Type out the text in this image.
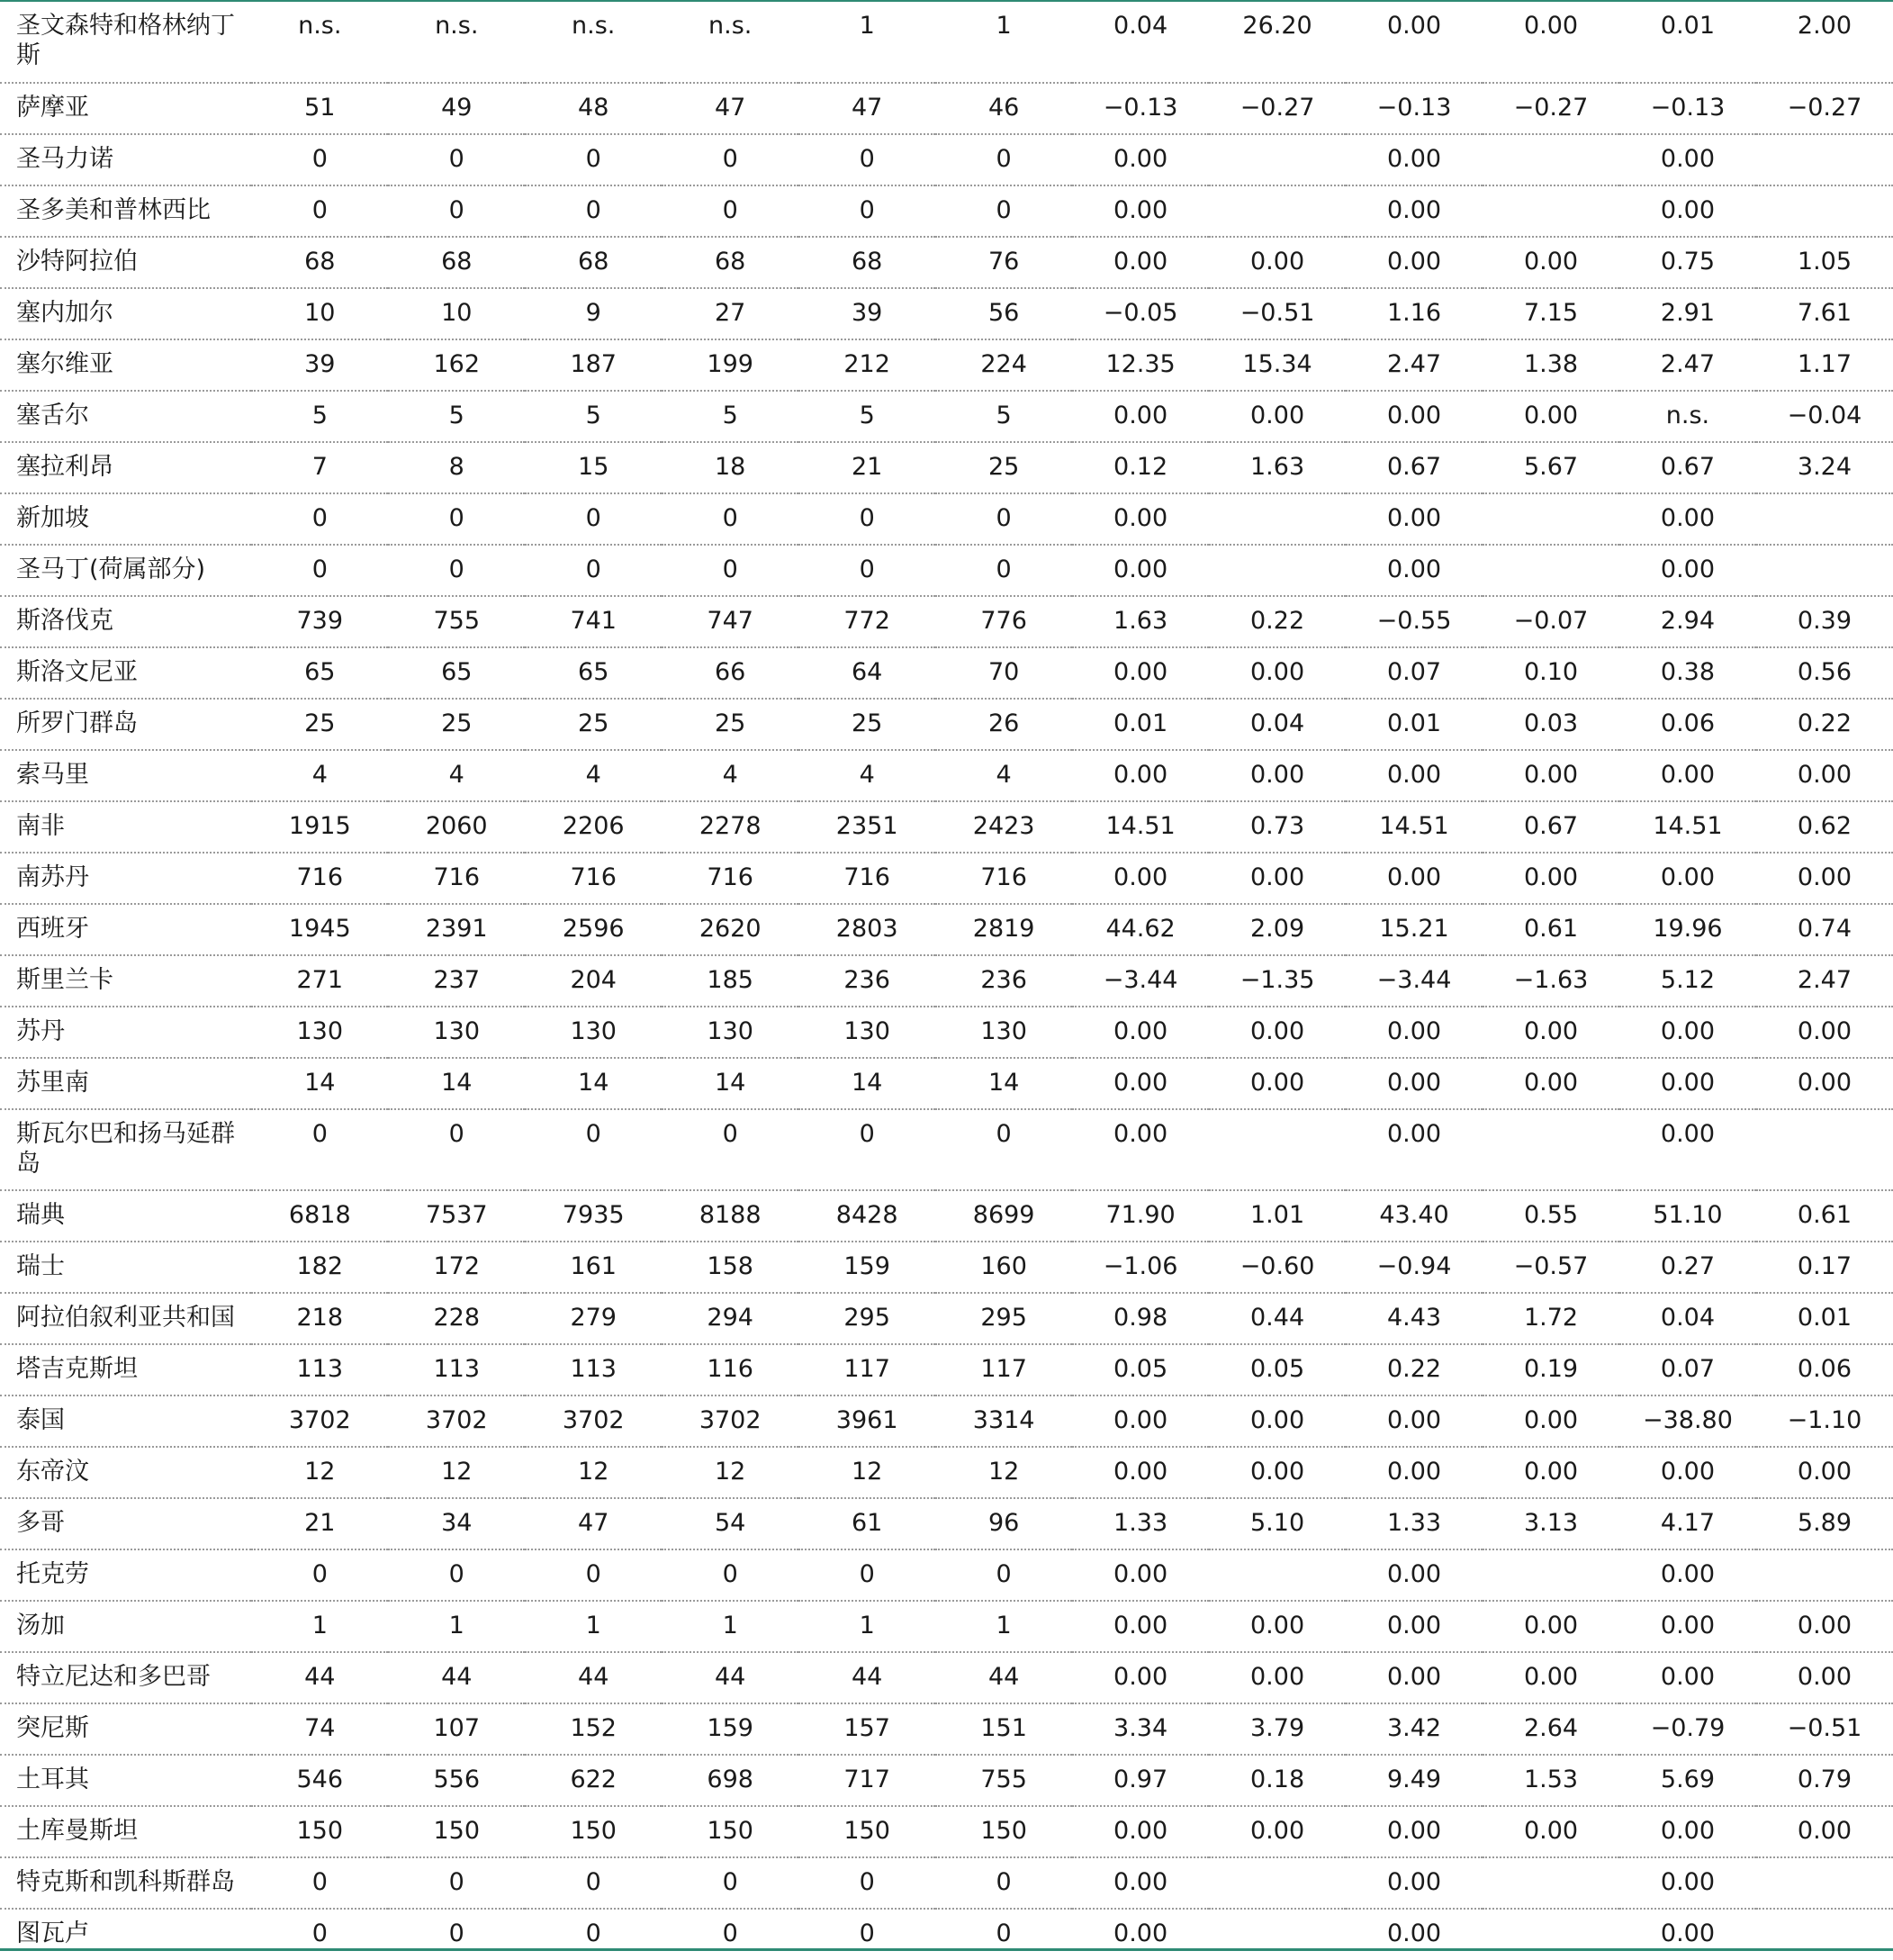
圣文森特和格林纳丁斯	n.s.	n.s.	n.s.	n.s.	1	1	0.04	26.20	0.00	0.00	0.01	2.00
萨摩亚	51	49	48	47	47	46	−0.13	−0.27	−0.13	−0.27	−0.13	−0.27
圣马力诺	0	0	0	0	0	0	0.00		0.00		0.00	
圣多美和普林西比	0	0	0	0	0	0	0.00		0.00		0.00	
沙特阿拉伯	68	68	68	68	68	76	0.00	0.00	0.00	0.00	0.75	1.05
塞内加尔	10	10	9	27	39	56	−0.05	−0.51	1.16	7.15	2.91	7.61
塞尔维亚	39	162	187	199	212	224	12.35	15.34	2.47	1.38	2.47	1.17
塞舌尔	5	5	5	5	5	5	0.00	0.00	0.00	0.00	n.s.	−0.04
塞拉利昂	7	8	15	18	21	25	0.12	1.63	0.67	5.67	0.67	3.24
新加坡	0	0	0	0	0	0	0.00		0.00		0.00	
圣马丁(荷属部分)	0	0	0	0	0	0	0.00		0.00		0.00	
斯洛伐克	739	755	741	747	772	776	1.63	0.22	−0.55	−0.07	2.94	0.39
斯洛文尼亚	65	65	65	66	64	70	0.00	0.00	0.07	0.10	0.38	0.56
所罗门群岛	25	25	25	25	25	26	0.01	0.04	0.01	0.03	0.06	0.22
索马里	4	4	4	4	4	4	0.00	0.00	0.00	0.00	0.00	0.00
南非	1915	2060	2206	2278	2351	2423	14.51	0.73	14.51	0.67	14.51	0.62
南苏丹	716	716	716	716	716	716	0.00	0.00	0.00	0.00	0.00	0.00
西班牙	1945	2391	2596	2620	2803	2819	44.62	2.09	15.21	0.61	19.96	0.74
斯里兰卡	271	237	204	185	236	236	−3.44	−1.35	−3.44	−1.63	5.12	2.47
苏丹	130	130	130	130	130	130	0.00	0.00	0.00	0.00	0.00	0.00
苏里南	14	14	14	14	14	14	0.00	0.00	0.00	0.00	0.00	0.00
斯瓦尔巴和扬马延群岛	0	0	0	0	0	0	0.00		0.00		0.00	
瑞典	6818	7537	7935	8188	8428	8699	71.90	1.01	43.40	0.55	51.10	0.61
瑞士	182	172	161	158	159	160	−1.06	−0.60	−0.94	−0.57	0.27	0.17
阿拉伯叙利亚共和国	218	228	279	294	295	295	0.98	0.44	4.43	1.72	0.04	0.01
塔吉克斯坦	113	113	113	116	117	117	0.05	0.05	0.22	0.19	0.07	0.06
泰国	3702	3702	3702	3702	3961	3314	0.00	0.00	0.00	0.00	−38.80	−1.10
东帝汶	12	12	12	12	12	12	0.00	0.00	0.00	0.00	0.00	0.00
多哥	21	34	47	54	61	96	1.33	5.10	1.33	3.13	4.17	5.89
托克劳	0	0	0	0	0	0	0.00		0.00		0.00	
汤加	1	1	1	1	1	1	0.00	0.00	0.00	0.00	0.00	0.00
特立尼达和多巴哥	44	44	44	44	44	44	0.00	0.00	0.00	0.00	0.00	0.00
突尼斯	74	107	152	159	157	151	3.34	3.79	3.42	2.64	−0.79	−0.51
土耳其	546	556	622	698	717	755	0.97	0.18	9.49	1.53	5.69	0.79
土库曼斯坦	150	150	150	150	150	150	0.00	0.00	0.00	0.00	0.00	0.00
特克斯和凯科斯群岛	0	0	0	0	0	0	0.00		0.00		0.00	
图瓦卢	0	0	0	0	0	0	0.00		0.00		0.00	
